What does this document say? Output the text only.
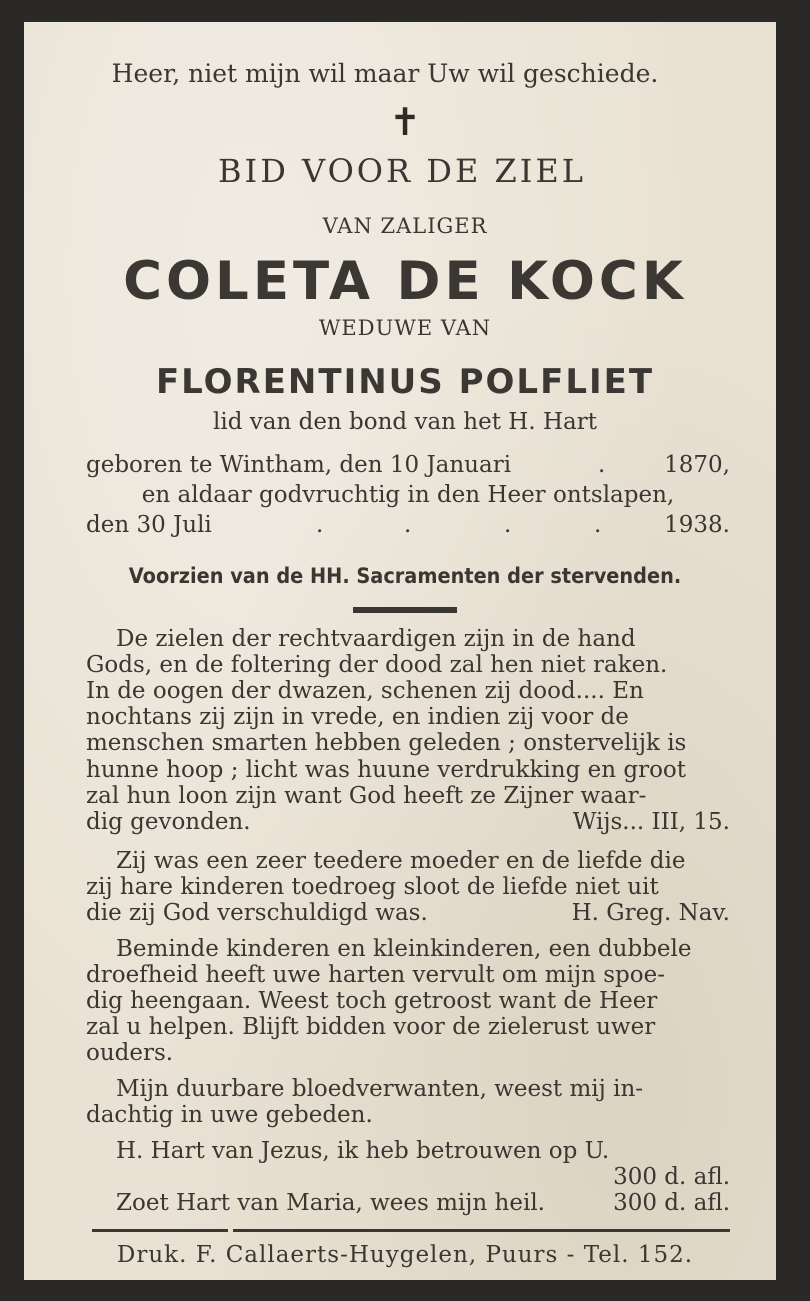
Heer, niet mijn wil maar Uw wil geschiede.
✝
BID VOOR DE ZIEL
VAN ZALIGER
COLETA DE KOCK
WEDUWE VAN
FLORENTINUS POLFLIET
lid van den bond van het H. Hart
geboren te Wintham, den 10 Januari	.	1870,
en aldaar godvruchtig in den Heer ontslapen,
den 30 Juli	.	.	.	.	1938.
Voorzien van de HH. Sacramenten der stervenden.
De zielen der rechtvaardigen zijn in de hand
Gods, en de foltering der dood zal hen niet raken.
In de oogen der dwazen, schenen zij dood.... En
nochtans zij zijn in vrede, en indien zij voor de
menschen smarten hebben geleden ; onstervelijk is
hunne hoop ; licht was huune verdrukking en groot
zal hun loon zijn want God heeft ze Zijner waar-
dig gevonden.	Wijs... III, 15.
Zij was een zeer teedere moeder en de liefde die
zij hare kinderen toedroeg sloot de liefde niet uit
die zij God verschuldigd was.	H. Greg. Nav.
Beminde kinderen en kleinkinderen, een dubbele
droefheid heeft uwe harten vervult om mijn spoe-
dig heengaan. Weest toch getroost want de Heer
zal u helpen. Blijft bidden voor de zielerust uwer
ouders.
Mijn duurbare bloedverwanten, weest mij in-
dachtig in uwe gebeden.
H. Hart van Jezus, ik heb betrouwen op U.
300 d. afl.
Zoet Hart van Maria, wees mijn heil.	300 d. afl.
Druk. F. Callaerts-Huygelen, Puurs - Tel. 152.
